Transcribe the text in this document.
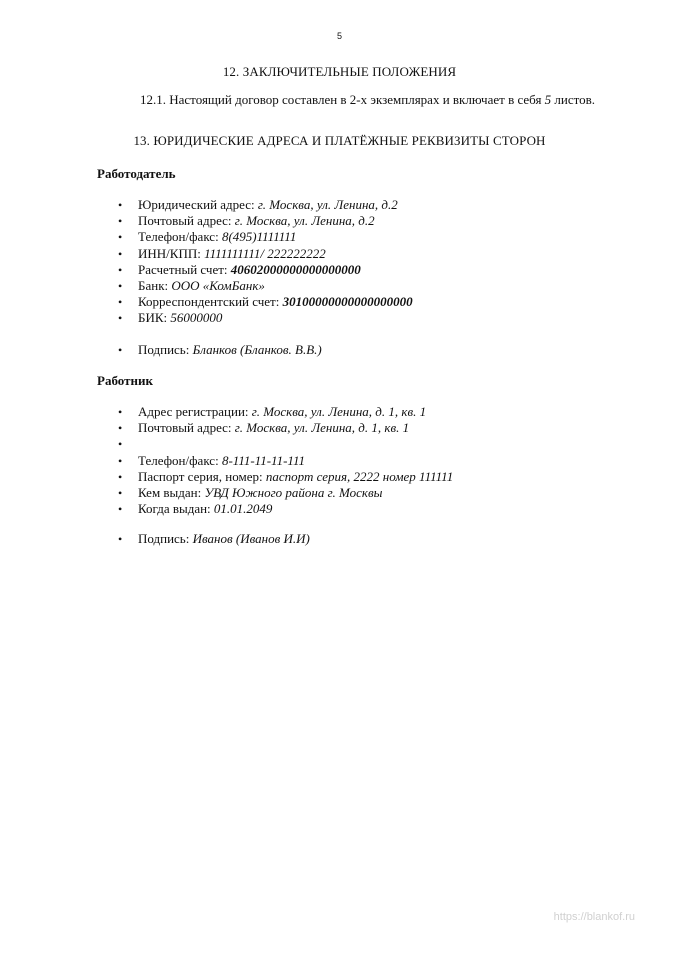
5
12. ЗАКЛЮЧИТЕЛЬНЫЕ ПОЛОЖЕНИЯ
12.1. Настоящий договор составлен в 2-х экземплярах и включает в себя 5 листов.
13. ЮРИДИЧЕСКИЕ АДРЕСА И ПЛАТЁЖНЫЕ РЕКВИЗИТЫ СТОРОН
Работодатель
• Юридический адрес: г. Москва, ул. Ленина, д.2
• Почтовый адрес: г. Москва, ул. Ленина, д.2
• Телефон/факс: 8(495)1111111
• ИНН/КПП: 1111111111/ 222222222
• Расчетный счет: 40602000000000000000
• Банк: ООО «КомБанк»
• Корреспондентский счет: 30100000000000000000
• БИК: 56000000
• Подпись: Бланков (Бланков. В.В.)
Работник
• Адрес регистрации: г. Москва, ул. Ленина, д. 1, кв. 1
• Почтовый адрес: г. Москва, ул. Ленина, д. 1, кв. 1
•
• Телефон/факс: 8-111-11-11-111
• Паспорт серия, номер: паспорт серия, 2222 номер 111111
• Кем выдан: УВД Южного района г. Москвы
• Когда выдан: 01.01.2049
• Подпись: Иванов (Иванов И.И)
https://blankof.ru
